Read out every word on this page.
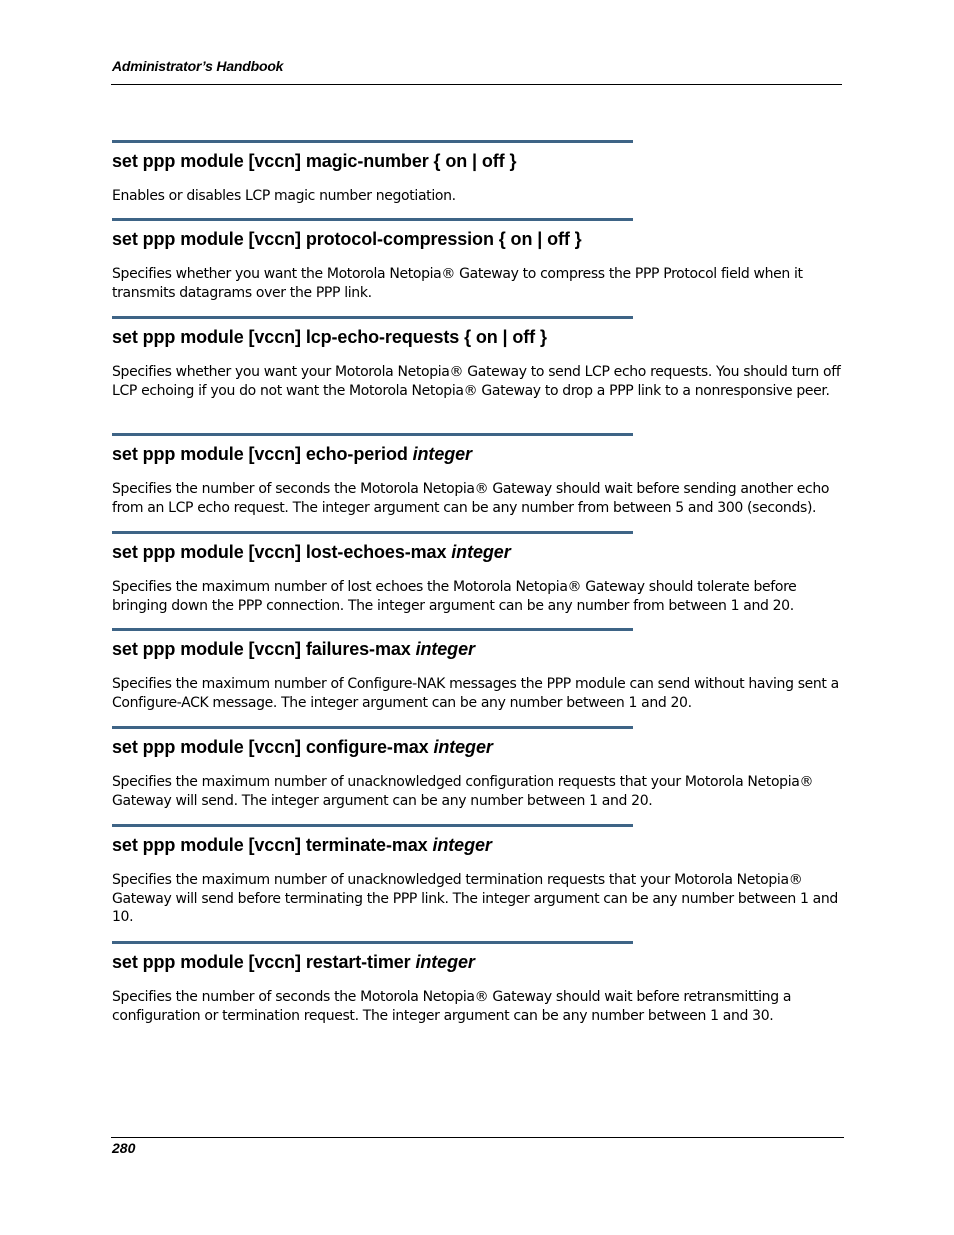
Administrator’s Handbook
set ppp module [vccn] magic-number { on | off }

Enables or disables LCP magic number negotiation.

set ppp module [vccn] protocol-compression { on | off }

Specifies whether you want the Motorola Netopia® Gateway to compress the PPP Protocol field when it transmits datagrams over the PPP link.

set ppp module [vccn] lcp-echo-requests { on | off }

Specifies whether you want your Motorola Netopia® Gateway to send LCP echo requests. You should turn off LCP echoing if you do not want the Motorola Netopia® Gateway to drop a PPP link to a nonresponsive peer.

set ppp module [vccn] echo-period integer

Specifies the number of seconds the Motorola Netopia® Gateway should wait before sending another echo from an LCP echo request. The integer argument can be any number from between 5 and 300 (seconds).

set ppp module [vccn] lost-echoes-max integer

Specifies the maximum number of lost echoes the Motorola Netopia® Gateway should tolerate before bringing down the PPP connection. The integer argument can be any number from between 1 and 20.

set ppp module [vccn] failures-max integer

Specifies the maximum number of Configure-NAK messages the PPP module can send without having sent a Configure-ACK message. The integer argument can be any number between 1 and 20.

set ppp module [vccn] configure-max integer

Specifies the maximum number of unacknowledged configuration requests that your Motorola Netopia® Gateway will send. The integer argument can be any number between 1 and 20.

set ppp module [vccn] terminate-max integer

Specifies the maximum number of unacknowledged termination requests that your Motorola Netopia® Gateway will send before terminating the PPP link. The integer argument can be any number between 1 and 10.

set ppp module [vccn] restart-timer integer

Specifies the number of seconds the Motorola Netopia® Gateway should wait before retransmitting a configuration or termination request. The integer argument can be any number between 1 and 30.

280
